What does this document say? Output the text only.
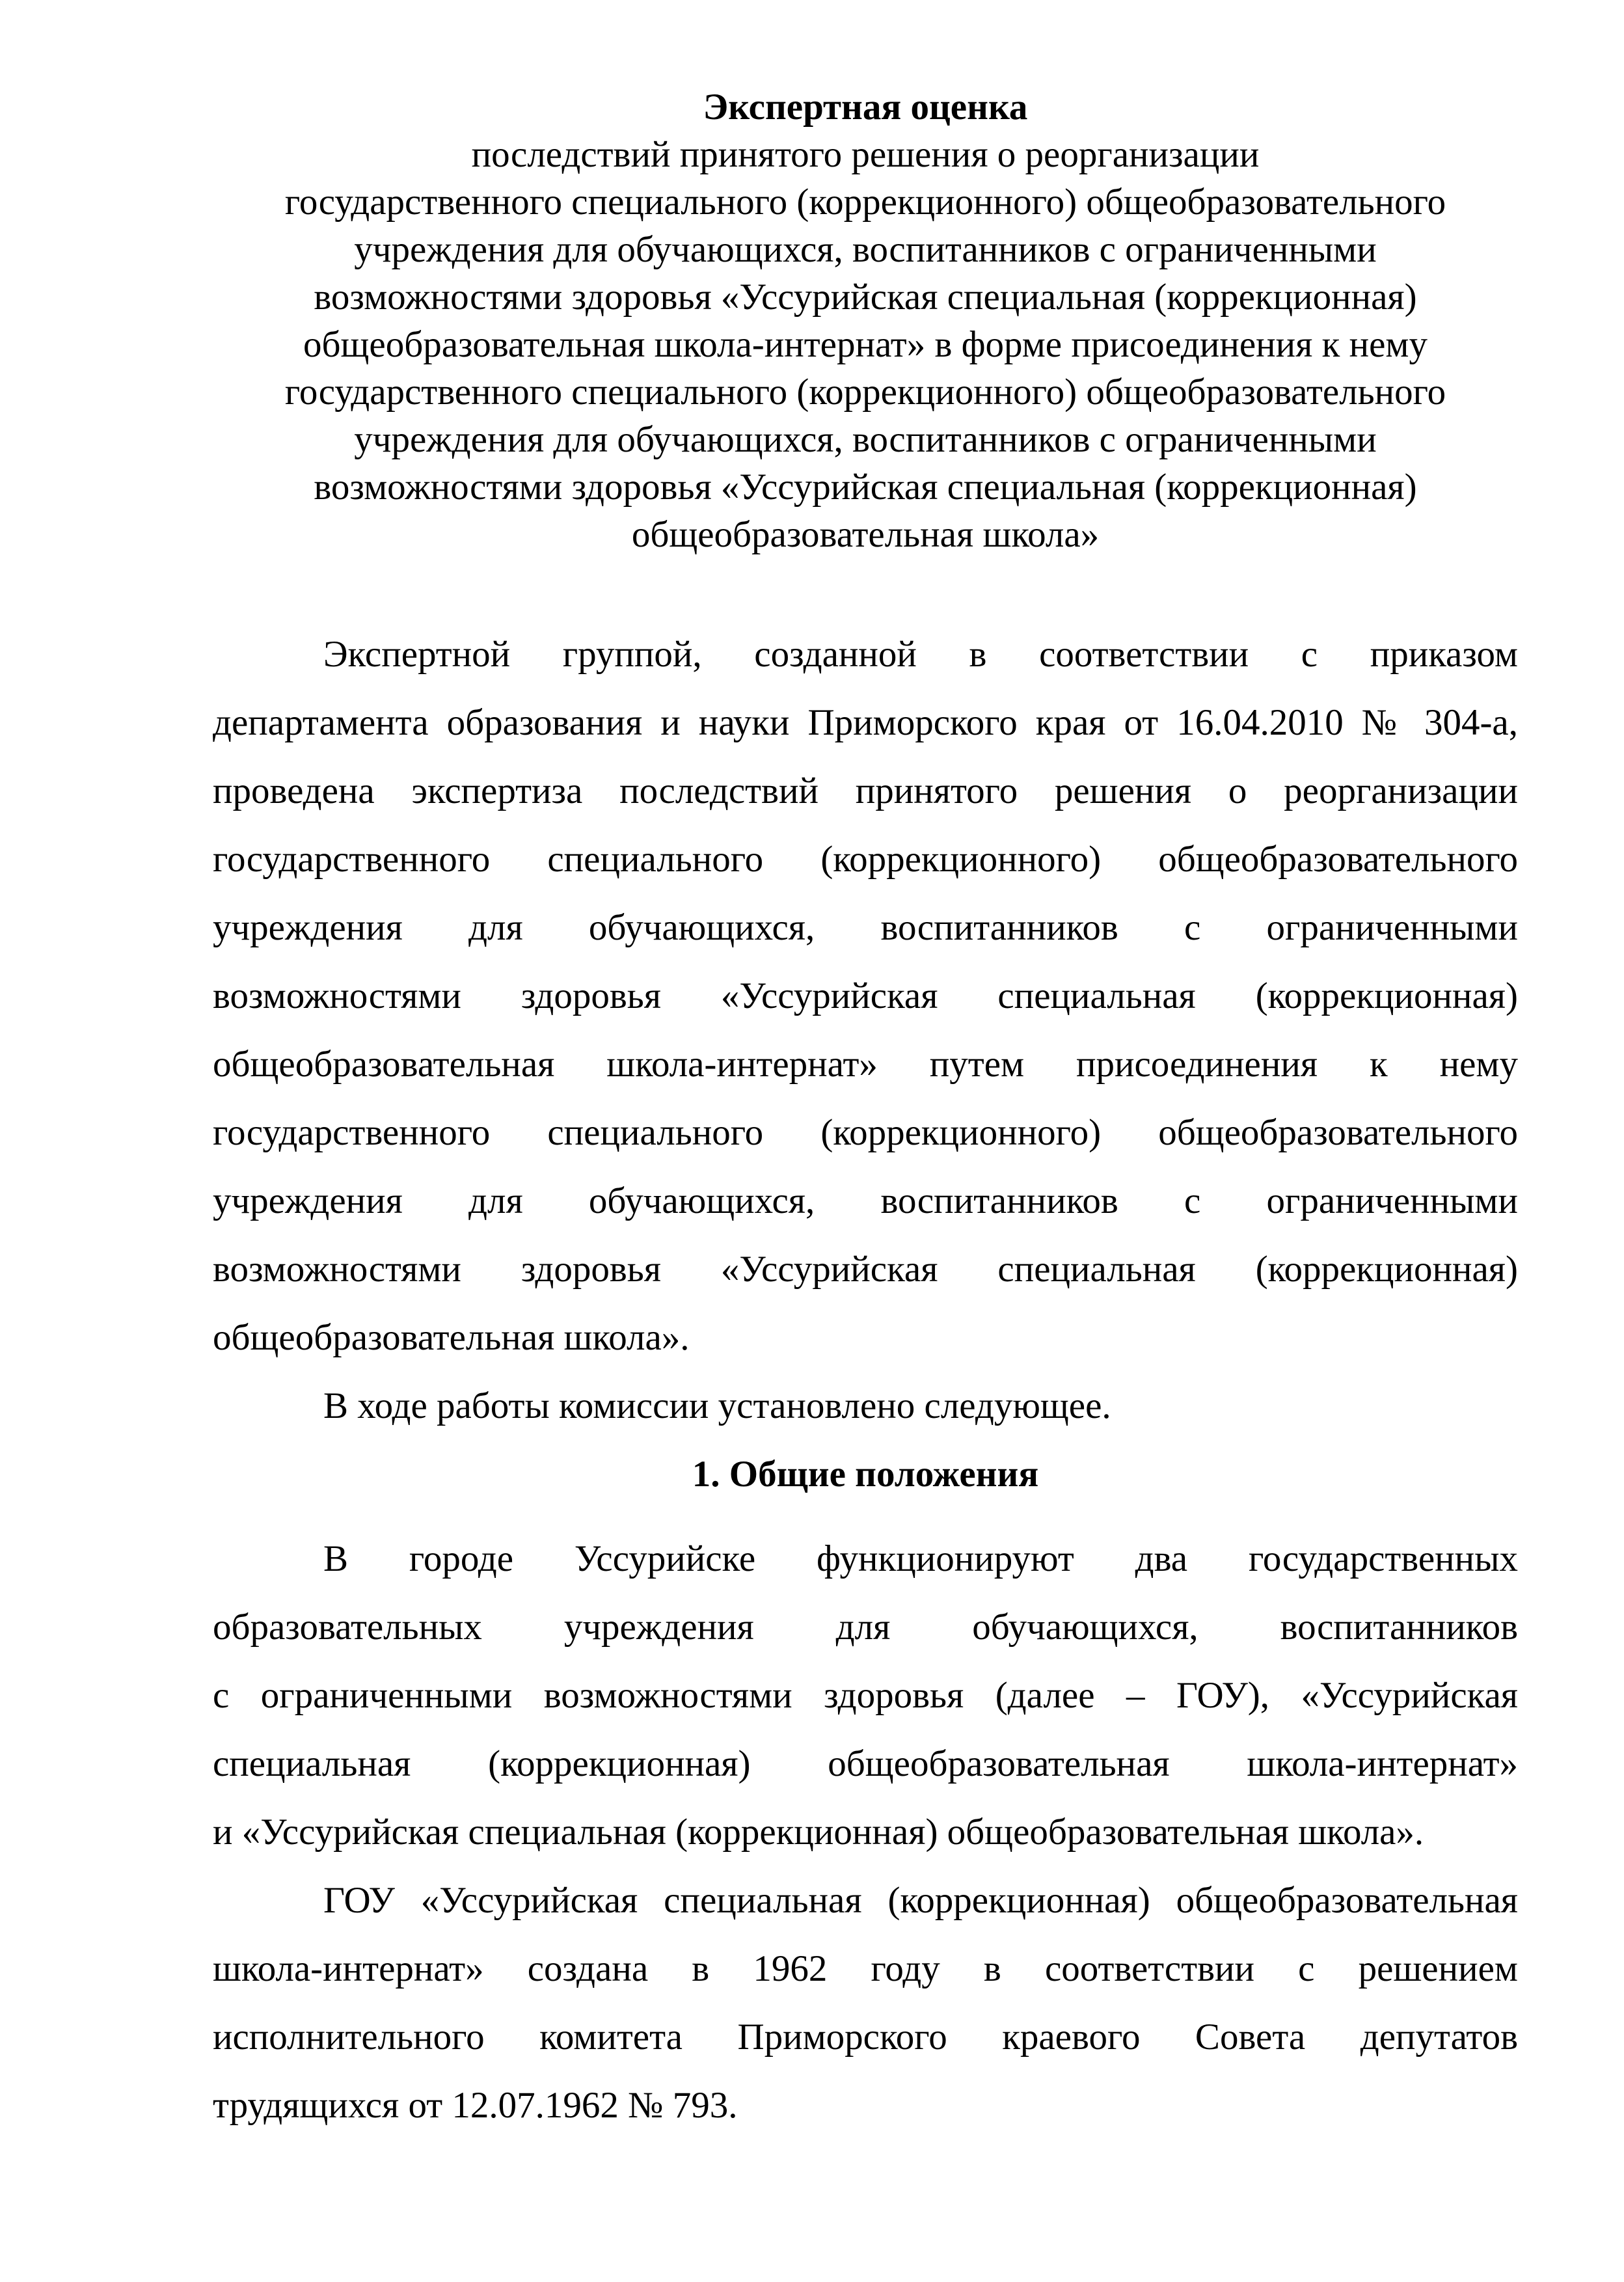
Экспертная оценка
последствий принятого решения о реорганизации
государственного специального (коррекционного) общеобразовательного
учреждения для обучающихся, воспитанников с ограниченными
возможностями здоровья «Уссурийская специальная (коррекционная)
общеобразовательная школа-интернат» в форме присоединения к нему
государственного специального (коррекционного) общеобразовательного
учреждения для обучающихся, воспитанников с ограниченными
возможностями здоровья «Уссурийская специальная (коррекционная)
общеобразовательная школа»
Экспертной группой, созданной в соответствии с приказом
департамента образования и науки Приморского края от 16.04.2010 № 304-а,
проведена экспертиза последствий принятого решения о реорганизации
государственного специального (коррекционного) общеобразовательного
учреждения для обучающихся, воспитанников с ограниченными
возможностями здоровья «Уссурийская специальная (коррекционная)
общеобразовательная школа-интернат» путем присоединения к нему
государственного специального (коррекционного) общеобразовательного
учреждения для обучающихся, воспитанников с ограниченными
возможностями здоровья «Уссурийская специальная (коррекционная)
общеобразовательная школа».
В ходе работы комиссии установлено следующее.
1. Общие положения
В городе Уссурийске функционируют два государственных
образовательных учреждения для обучающихся, воспитанников
с ограниченными возможностями здоровья (далее – ГОУ), «Уссурийская
специальная (коррекционная) общеобразовательная школа-интернат»
и «Уссурийская специальная (коррекционная) общеобразовательная школа».
ГОУ «Уссурийская специальная (коррекционная) общеобразовательная
школа-интернат» создана в 1962 году в соответствии с решением
исполнительного комитета Приморского краевого Совета депутатов
трудящихся от 12.07.1962 № 793.
